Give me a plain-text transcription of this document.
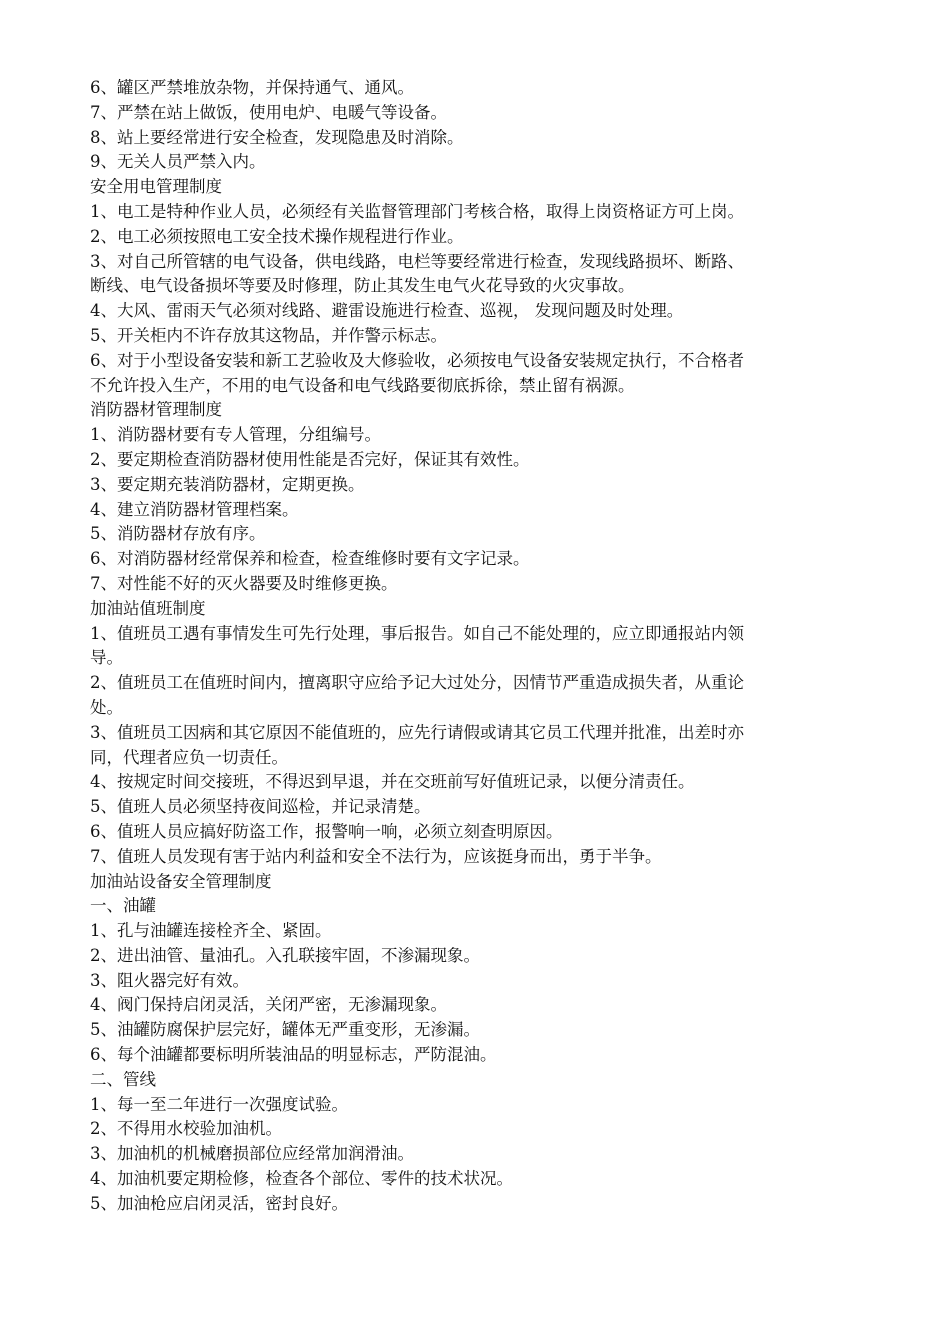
6、罐区严禁堆放杂物，并保持通气、通风。

7、严禁在站上做饭，使用电炉、电暖气等设备。

8、站上要经常进行安全检查，发现隐患及时消除。

9、无关人员严禁入内。

安全用电管理制度

1、电工是特种作业人员，必须经有关监督管理部门考核合格，取得上岗资格证方可上岗。

2、电工必须按照电工安全技术操作规程进行作业。

3、对自己所管辖的电气设备，供电线路，电栏等要经常进行检查，发现线路损坏、断路、

断线、电气设备损坏等要及时修理，防止其发生电气火花导致的火灾事故。

4、大风、雷雨天气必须对线路、避雷设施进行检查、巡视， 发现问题及时处理。

5、开关柜内不许存放其这物品，并作警示标志。

6、对于小型设备安装和新工艺验收及大修验收，必须按电气设备安装规定执行，不合格者

不允许投入生产，不用的电气设备和电气线路要彻底拆徐，禁止留有祸源。

消防器材管理制度

1、消防器材要有专人管理，分组编号。

2、要定期检查消防器材使用性能是否完好，保证其有效性。

3、要定期充装消防器材，定期更换。

4、建立消防器材管理档案。

5、消防器材存放有序。

6、对消防器材经常保养和检查，检查维修时要有文字记录。

7、对性能不好的灭火器要及时维修更换。

加油站值班制度

1、值班员工遇有事情发生可先行处理，事后报告。如自己不能处理的，应立即通报站内领

导。

2、值班员工在值班时间内，擅离职守应给予记大过处分，因情节严重造成损失者，从重论

处。

3、值班员工因病和其它原因不能值班的，应先行请假或请其它员工代理并批准，出差时亦

同，代理者应负一切责任。

4、按规定时间交接班，不得迟到早退，并在交班前写好值班记录，以便分清责任。

5、值班人员必须坚持夜间巡检，并记录清楚。

6、值班人员应搞好防盗工作，报警响一响，必须立刻查明原因。

7、值班人员发现有害于站内利益和安全不法行为，应该挺身而出，勇于半争。

加油站设备安全管理制度

一、油罐

1、孔与油罐连接栓齐全、紧固。

2、进出油管、量油孔。入孔联接牢固，不渗漏现象。

3、阻火器完好有效。

4、阀门保持启闭灵活，关闭严密，无渗漏现象。

5、油罐防腐保护层完好，罐体无严重变形，无渗漏。

6、每个油罐都要标明所装油品的明显标志，严防混油。

二、管线

1、每一至二年进行一次强度试验。

2、不得用水校验加油机。

3、加油机的机械磨损部位应经常加润滑油。

4、加油机要定期检修，检查各个部位、零件的技术状况。

5、加油枪应启闭灵活，密封良好。
